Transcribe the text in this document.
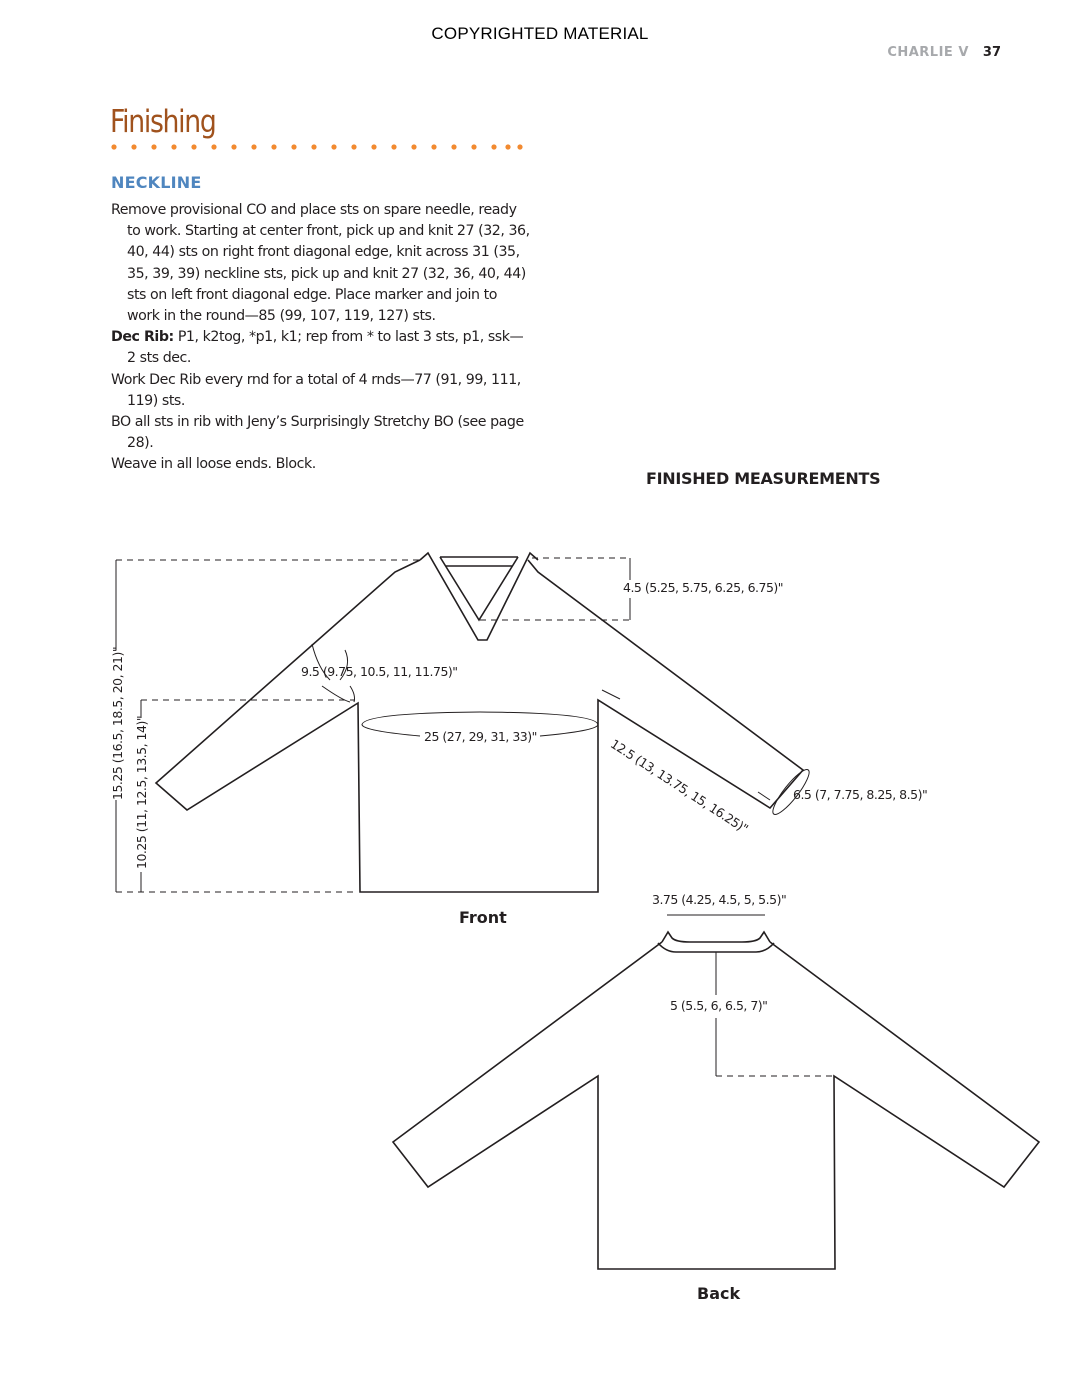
COPYRIGHTED MATERIAL
CHARLIE V 37
Finishing
NECKLINE

Remove provisional CO and place sts on spare needle, ready to work. Starting at center front, pick up and knit 27 (32, 36, 40, 44) sts on right front diagonal edge, knit across 31 (35, 35, 39, 39) neckline sts, pick up and knit 27 (32, 36, 40, 44) sts on left front diagonal edge. Place marker and join to work in the round—85 (99, 107, 119, 127) sts.

Dec Rib: P1, k2tog, *p1, k1; rep from * to last 3 sts, p1, ssk—2 sts dec.

Work Dec Rib every rnd for a total of 4 rnds—77 (91, 99, 111, 119) sts.

BO all sts in rib with Jeny’s Surprisingly Stretchy BO (see page 28).

Weave in all loose ends. Block.

FINISHED MEASUREMENTS
4.5 (5.25, 5.75, 6.25, 6.75)"
9.5 (9.75, 10.5, 11, 11.75)"
25 (27, 29, 31, 33)"	12.5 (13, 13.75, 15, 16.25)"	6.5 (7, 7.75, 8.25, 8.5)"
15.25 (16.5, 18.5, 20, 21)" 10.25 (11, 12.5, 13.5, 14)"
Front
3.75 (4.25, 4.5, 5, 5.5)"
5 (5.5, 6, 6.5, 7)"
Back
